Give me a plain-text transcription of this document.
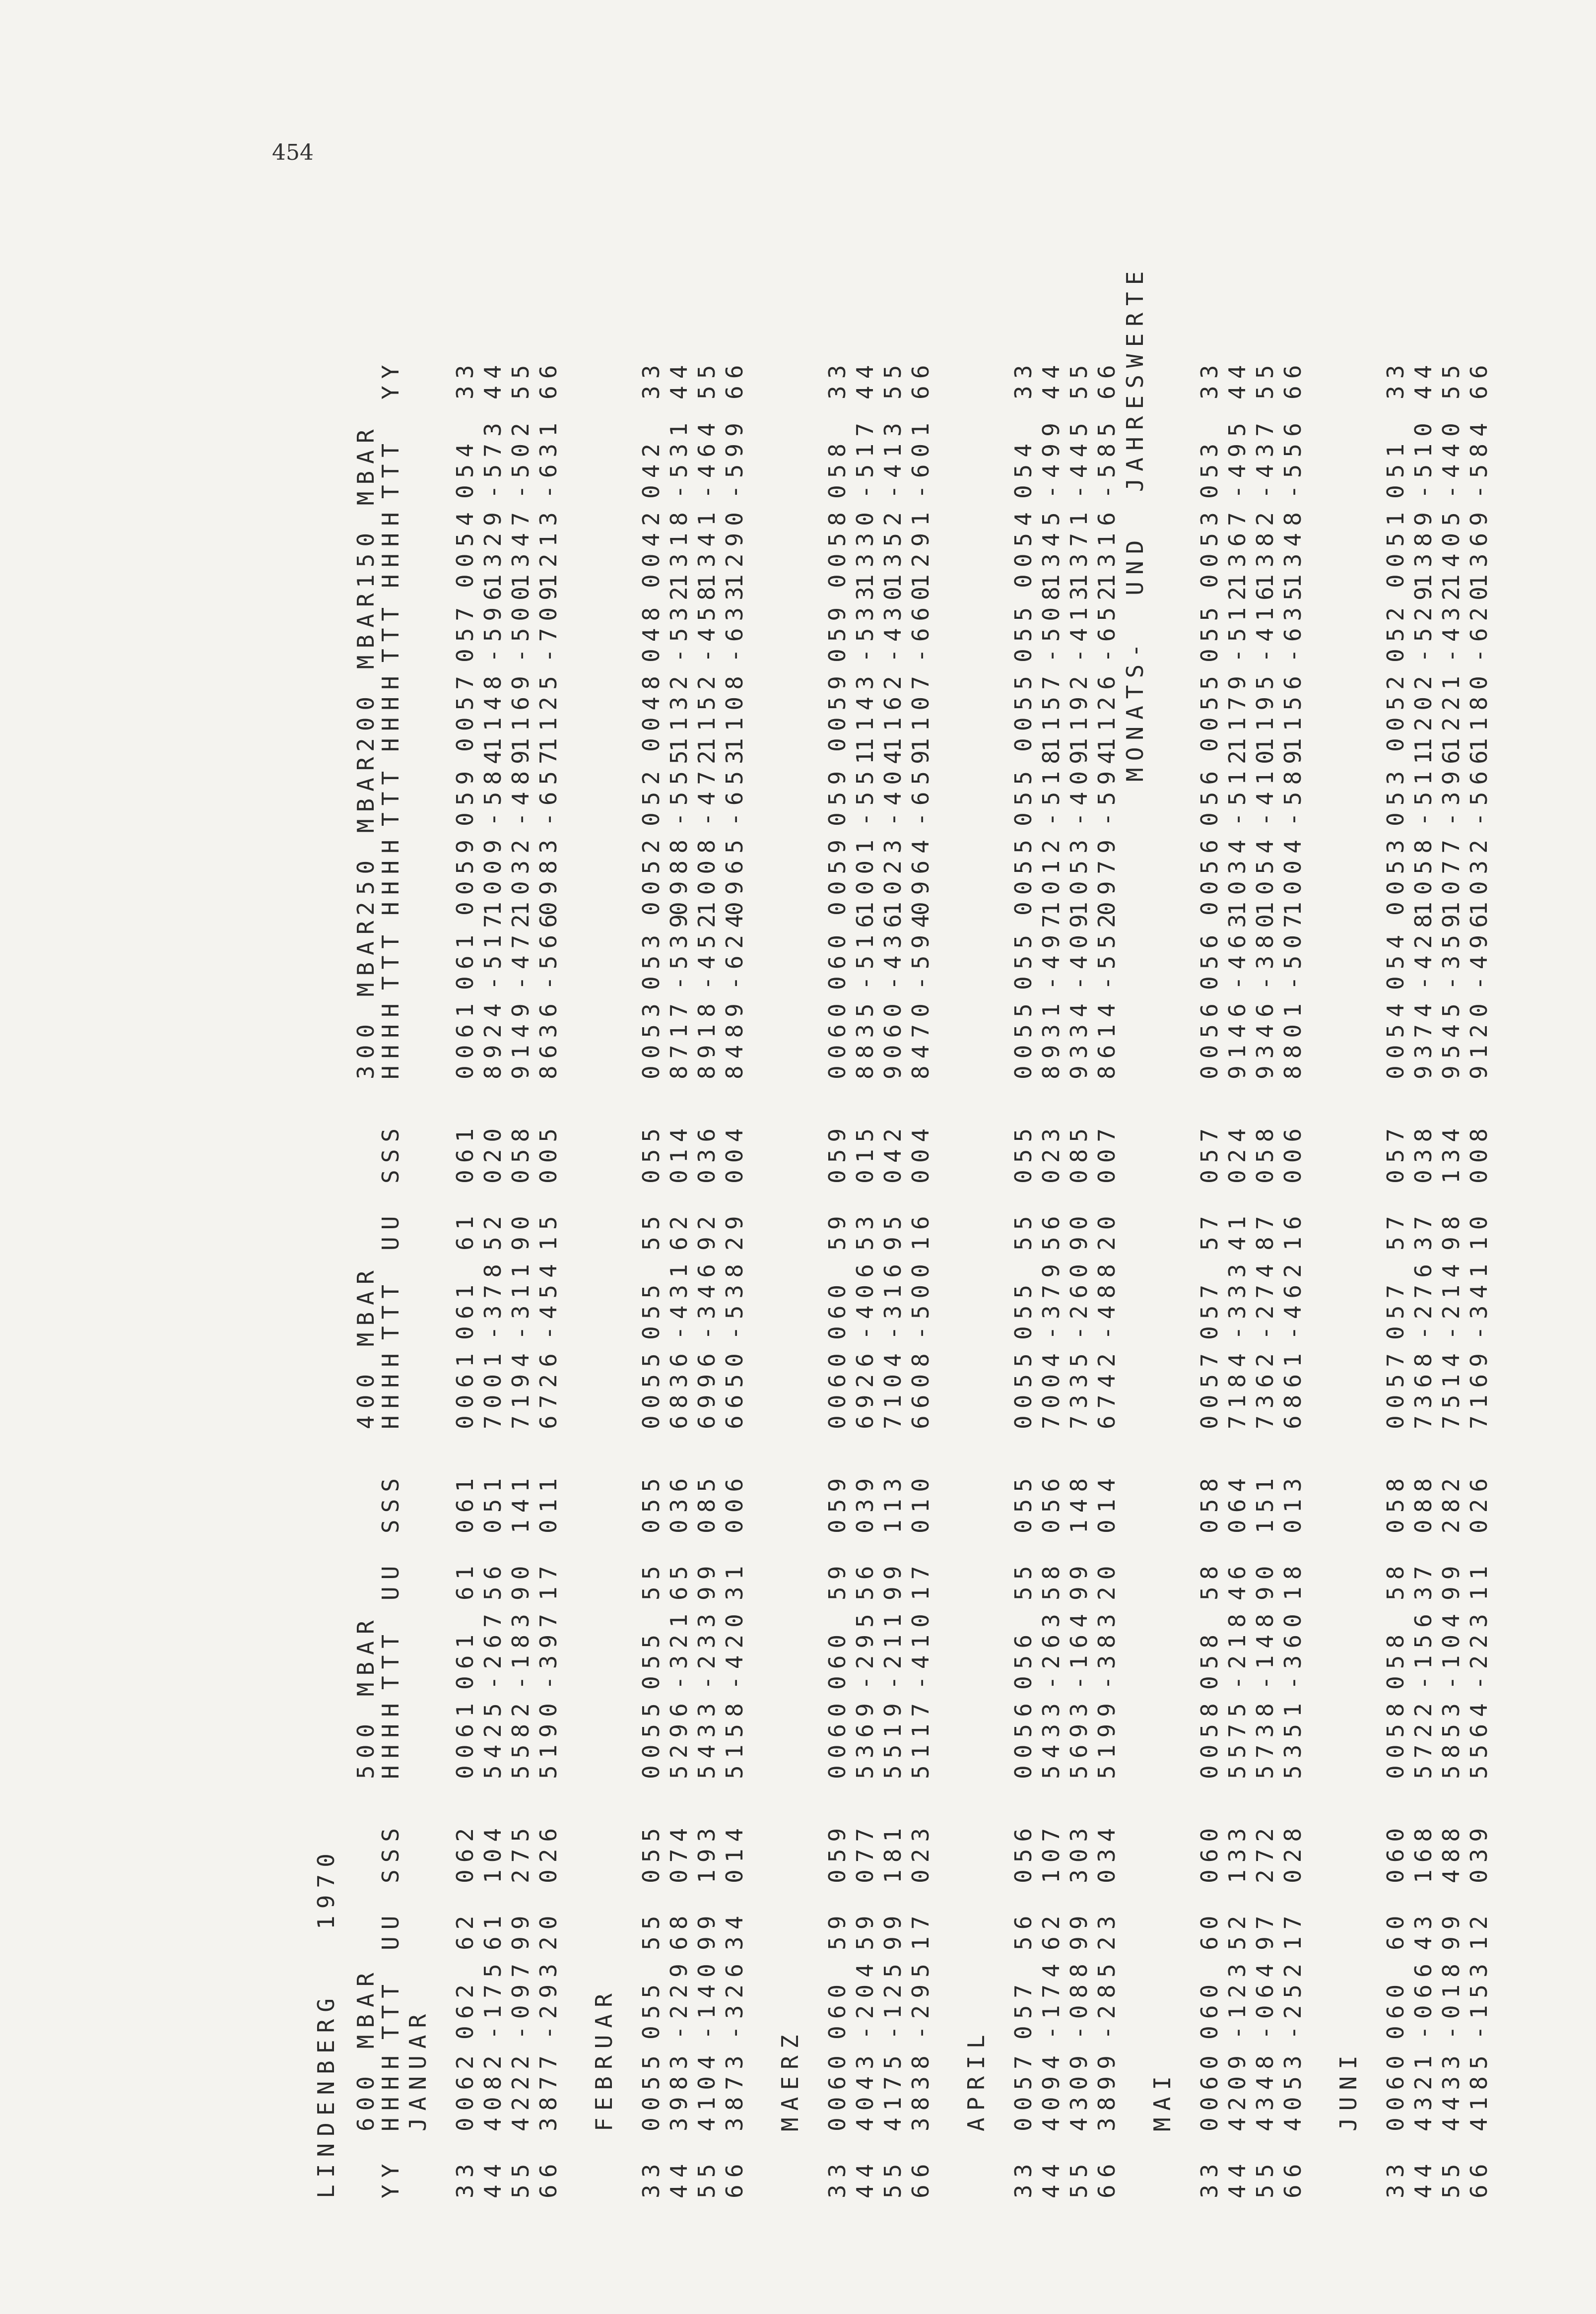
454
LINDENBERG   1970
MONATS-  UND  JAHRESWERTE
600 MBAR
500 MBAR
400 MBAR
300 MBAR
250 MBAR
200 MBAR
150 MBAR
YY
HHHH
TTT
UU
SSS
HHHH
TTT
UU
SSS
HHHH
TTT
UU
SSS
HHHH
TTT
HHHH
TTT
HHHH
TTT
HHHH
TTT
YY
JANUAR
33
0062
062
62
062
0061
061
61
061
0061
061
61
061
0061
061
0059
059
0057
057
0054
054
33
44
4082
-175
61
104
5425
-267
56
051
7001
-378
52
020
8924
-517
1009
-584
1148
-596
1329
-573
44
55
4222
-097
99
275
5582
-183
90
141
7194
-311
90
058
9149
-472
1032
-489
1169
-500
1347
-502
55
66
3877
-293
20
026
5190
-397
17
011
6726
-454
15
005
8636
-566
0983
-657
1125
-709
1213
-631
66
FEBRUAR
33
0055
055
55
055
0055
055
55
055
0055
055
55
055
0053
053
0052
052
0048
048
0042
042
33
44
3983
-229
68
074
5296
-321
65
036
6836
-431
62
014
8717
-539
0988
-555
1132
-532
1318
-531
44
55
4104
-140
99
193
5433
-233
99
085
6996
-346
92
036
8918
-452
1008
-472
1152
-458
1341
-464
55
66
3873
-326
34
014
5158
-420
31
006
6650
-538
29
004
8489
-624
0965
-653
1108
-633
1290
-599
66
MAERZ
33
0060
060
59
059
0060
060
59
059
0060
060
59
059
0060
060
0059
059
0059
059
0058
058
33
44
4043
-204
59
077
5369
-295
56
039
6926
-406
53
015
8835
-516
1001
-551
1143
-533
1330
-517
44
55
4175
-125
99
181
5519
-211
99
113
7104
-316
95
042
9060
-436
1023
-404
1162
-430
1352
-413
55
66
3838
-295
17
023
5117
-410
17
010
6608
-500
16
004
8470
-594
0964
-659
1107
-660
1291
-601
66
APRIL
33
0057
057
56
056
0056
056
55
055
0055
055
55
055
0055
055
0055
055
0055
055
0054
054
33
44
4094
-174
62
107
5433
-263
58
056
7004
-379
56
023
8931
-497
1012
-518
1157
-508
1345
-499
44
55
4309
-088
99
303
5693
-164
99
148
7335
-260
90
085
9334
-409
1053
-409
1192
-413
1371
-445
55
66
3899
-285
23
034
5199
-383
20
014
6742
-488
20
007
8614
-552
0979
-594
1126
-652
1316
-585
66
MAI
33
0060
060
60
060
0058
058
58
058
0057
057
57
057
0056
056
0056
056
0055
055
0053
053
33
44
4209
-123
52
133
5575
-218
46
064
7184
-333
41
024
9146
-463
1034
-512
1179
-512
1367
-495
44
55
4348
-064
97
272
5738
-148
90
151
7362
-274
87
058
9346
-380
1054
-410
1195
-416
1382
-437
55
66
4053
-252
17
028
5351
-360
18
013
6861
-462
16
006
8801
-507
1004
-589
1156
-635
1348
-556
66
JUNI
33
0060
060
60
060
0058
058
58
058
0057
057
57
057
0054
054
0053
053
0052
052
0051
051
33
44
4321
-066
43
168
5722
-156
37
088
7368
-276
37
038
9374
-428
1058
-511
1202
-529
1389
-510
44
55
4433
-018
99
488
5853
-104
99
282
7514
-214
98
134
9545
-359
1077
-396
1221
-432
1405
-440
55
66
4185
-153
12
039
5564
-223
11
026
7169
-341
10
008
9120
-496
1032
-566
1180
-620
1369
-584
66
